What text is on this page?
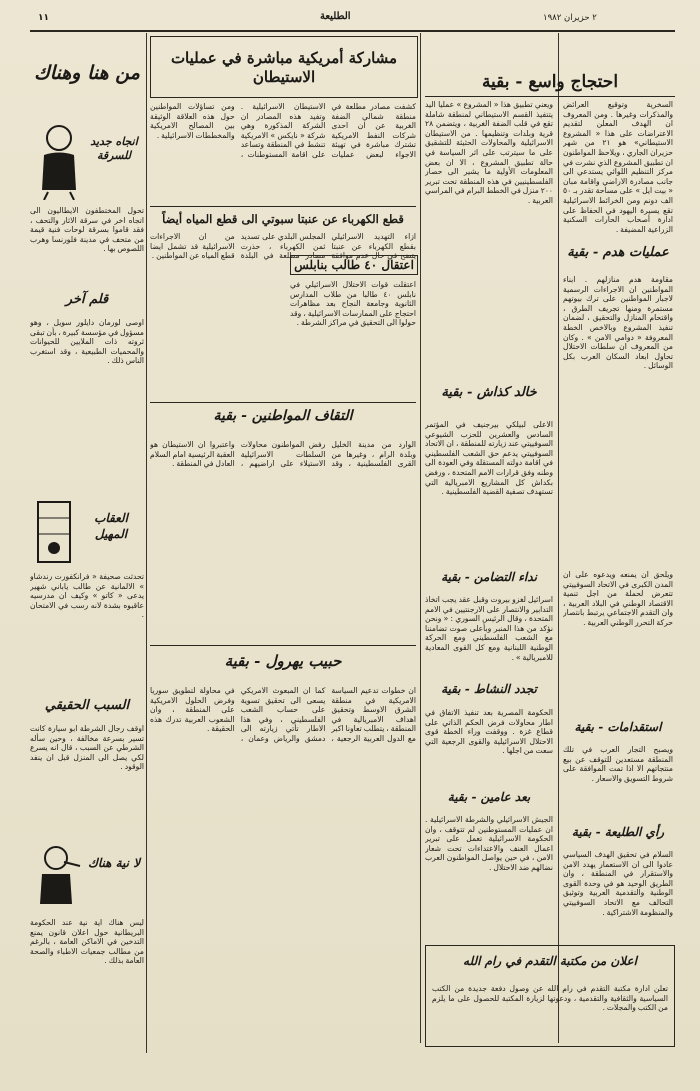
٢ حزيران ١٩٨٢
الطليعة
١١
احتجاج واسع - بقية
السخرية وتوقيع العرائض والمذكرات وغيرها . ومن المعروف ان الهدف المعلن لتقديم الاعتراضات على هذا « المشروع الاستيطاني» هو ٢١ من شهر حزيران الجاري ، ويلاحظ المواطنون ان تطبيق المشروع الذي نشرت في مركز التنظيم اللوائي يستدعي الى جانب مصادرة الاراضي واقامة مبان « بيت ايل » على مساحة تقدر بـ ٥٠ الف دونم ومن الخرائط الاسرائيلية تقع يسيرة اليهود في الحفاظ على ادارة أصحاب الحارات السكنية الزراعية المضيفة .
ويعني تطبيق هذا « المشروع » عمليا اليد يتتفيذ القسم الاستيطاني لمنطقة شاملة تقع في قلب الضفة الغربية ، ويتضمن ٢٨ قرية وبلدات وتنظيمها . من الاستيطان الاسرائيلية والمحاولات الحثيثة للتشقيق على ما سيترتب على اثر السياسة في حالة تطبيق المشروع ، الا ان بعض المعلومات الأولية ما يشير الى حصار الفلسطينيين في هذه المنطقة تحت تبرير ٢٠٠ منزل في الخطط البرام في المراسي العربية .
عمليات هدم - بقية
مقاومة هدم منازلهم . ابناء المواطنين ان الاجراءات الرسمية لاجبار المواطنين على ترك بيوتهم مستمرة ومنها تجريف الطرق ، واقتحام المنازل والتحقيق ، لضمان تنفيذ المشروع وبالاخص الخطة المعروفة « دوامي الامن » . وكان من المعروف ان سلطات الاحتلال تحاول ابعاد السكان العرب بكل الوسائل .
خالد كذاش - بقية
الاعلى لبيلكي بيرجنيف في المؤتمر السادس والعشرين للحزب الشيوعي السوفييتي عند زيارته للمنطقة ، ان الاتحاد السوفييتي يدعم حق الشعب الفلسطيني في اقامة دولته المستقلة وفي العودة الى وطنه وفق قرارات الامم المتحدة ، ورفض بكداش كل المشاريع الامبريالية التي تستهدف تصفية القضية الفلسطينية .
نداء التضامن - بقية
اسرائيل لغزو بيروت وقبل عقد يجب اتخاذ التدابير والانتصار على الارجنتيين في الامم المتحدة ، وقال الرئيس السوري : « ونحن نؤكد من هذا المنبر وبأعلى صوت تضامننا مع الشعب الفلسطيني ومع الحركة الوطنية اللبنانية ومع كل القوى المعادية للامبريالية » .
تجدد النشاط - بقية
الحكومة المصرية بعد تنفيذ الاتفاق في اطار محاولات فرض الحكم الذاتي على قطاع غزة . ووقفت وراء الخطة قوى الاحتلال الاسرائيلية والقوى الرجعية التي سعت من اجلها .
بعد عامين - بقية
الجيش الاسرائيلي والشرطة الاسرائيلية . ان عمليات المستوطنين لم تتوقف ، وان الحكومة الاسرائيلية تعمل على تبرير اعمال العنف والاعتداءات تحت شعار الامن ، في حين يواصل المواطنون العرب نضالهم ضد الاحتلال .
ويلحق ان يمنعه ويدعوه على ان المدن الكبرى في الاتحاد السوفييتي تتعرض لحملة من اجل تنمية الاقتصاد الوطني في البلاد العربية ، وان التقدم الاجتماعي يرتبط بانتصار حركة التحرر الوطني العربية .
استقدامات - بقية
ويصبح التجار العرب في تلك المنطقة مستعدين للتوقف عن بيع منتجاتهم الا اذا تمت الموافقة على شروط التسويق والاسعار .
رأي الطليعة - بقية
السلام في تحقيق الهدف السياسي عادوا الى ان الاستعمار يهدد الامن والاستقرار في المنطقة ، وان الطريق الوحيد هو في وحدة القوى الوطنية والتقدمية العربية وتوثيق التحالف مع الاتحاد السوفييتي والمنظومة الاشتراكية .
اعلان من مكتبة التقدم في رام الله
تعلن ادارة مكتبة التقدم في رام الله عن وصول دفعة جديدة من الكتب السياسية والثقافية والتقدمية ، ودعوتها لزيارة المكتبة للحصول على ما يلزم من الكتب والمجلات .
مشاركة أمريكية مباشرة في عمليات الاستيطان
كشفت مصادر مطلعة في منطقة شمالي الضفة الغربية عن ان احدى شركات النفط الامريكية تشترك مباشرة في تهيئة الاجواء لبعض عمليات الاستيطان الاسرائيلية . وتفيد هذه المصادر ان الشركة المذكورة وهي شركة « نايكس » الامريكية تنشط في المنطقة وتساعد على اقامة المستوطنات ، ومن تساؤلات المواطنين حول هذه العلاقة الوثيقة بين المصالح الامريكية والمخططات الاسرائيلية .
قطع الكهرباء عن عنبتا سبوتي الى قطع المياه أيضاً
ازاء التهديد الاسرائيلي بقطع الكهرباء عن عنبتا يتضح في حال عدم موافقة المجلس البلدي على تسديد ثمن الكهرباء ، حذرت مصادر مطلعة في البلدة من ان الاجراءات الاسرائيلية قد تشمل ايضا قطع المياه عن المواطنين .
اعتقال ٤٠ طالب بنابلس
اعتقلت قوات الاحتلال الاسرائيلي في نابلس ٤٠ طالبا من طلاب المدارس الثانوية وجامعة النجاح بعد مظاهرات احتجاج على الممارسات الاسرائيلية ، وقد حولوا الى التحقيق في مراكز الشرطة .
التقاف المواطنين - بقية
الوارد من مدينة الخليل وبلدة الرام ، وغيرها من القرى الفلسطينية ، وقد رفض المواطنون محاولات السلطات الاسرائيلية الاستيلاء على اراضيهم ، واعتبروا ان الاستيطان هو العقبة الرئيسية امام السلام العادل في المنطقة .
حبيب يهرول - بقية
ان خطوات تدعيم السياسة الامريكية في منطقة الشرق الاوسط وتحقيق اهداف الامبريالية في المنطقة ، يتطلب تعاونا اكبر مع الدول العربية الرجعية ، كما ان المبعوث الامريكي يسعى الى تحقيق تسوية على حساب الشعب الفلسطيني ، وفي هذا الاطار تأتي زيارته الى دمشق والرياض وعمان ، في محاولة لتطويق سوريا وفرض الحلول الامريكية على المنطقة ، وان الشعوب العربية تدرك هذه الحقيقة .
من هنا وهناك
انجاه جديد للسرقة
تحول المختطفون الايطاليون الى اتجاه اخر في سرقة الاثار والتحف ، فقد قاموا بسرقة لوحات فنية قيمة من متحف في مدينة فلورنسا وهرب اللصوص بها .
قلم آخر
اوصى لورمان دايلور سويل ، وهو مسؤول في مؤسسة كبيرة ، بأن تبقى ثروته ذات الملايين للحيوانات والمحميات الطبيعية ، وقد استغرب الناس ذلك .
العقاب المهيل
تحدثت صحيفة « فرانكفورت رندشاو » الالمانية عن طالب ياباني شهير يدعى « كاتو » وكيف ان مدرسيه عاقبوه بشدة لانه رسب في الامتحان .
السبب الحقيقي
اوقف رجال الشرطة ابو سيارة كانت تسير بسرعة مخالفة ، وحين سأله الشرطي عن السبب ، قال انه يسرع لكي يصل الى المنزل قبل ان ينفد الوقود .
لا نية هناك
ليس هناك اية نية عند الحكومة البريطانية حول اعلان قانون يمنع التدخين في الاماكن العامة ، بالرغم من مطالب جمعيات الاطباء والصحة العامة بذلك .
